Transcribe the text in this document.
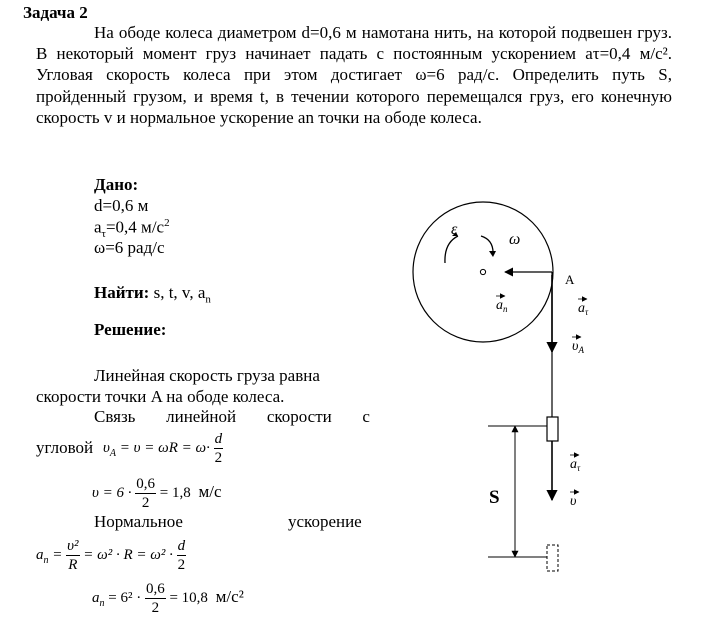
Задача 2
На ободе колеса диаметром d=0,6 м намотана нить, на которой подвешен груз. В некоторый момент груз начинает падать с постоянным ускорением aτ=0,4 м/с². Угловая скорость колеса при этом достигает ω=6 рад/с. Определить путь S, пройденный грузом, и время t, в течении которого перемещался груз, его конечную скорость v и нормальное ускорение an точки на ободе колеса.
Дано:
d=0,6 м
$a_\tau=0,4$ $м/с^2$
ω=6 рад/с
Найти: s, t, v, $a_n$
Решение:
Линейная скорость груза равна
скорости точки A на ободе колеса.
Связь линейной скорости с
угловой $\upsilon_A = \upsilon = \omega R = \omega\cdot \frac{d}{2}$
$\upsilon = 6 \cdot \frac{0,6}{2} = 1,8$ м/с
Нормальное	ускорение
$a_n = \frac{\text{υ²}}{R} = \omega^2 \cdot R = \omega^2 \cdot \frac{d}{2}$
$a_n = 6^2 \cdot \frac{0,6}{2} = 10,8$ м/с²
ε
ω
A
$a_n$	$a_\tau$
$\upsilon_A$
$a_\tau$
υ
S
